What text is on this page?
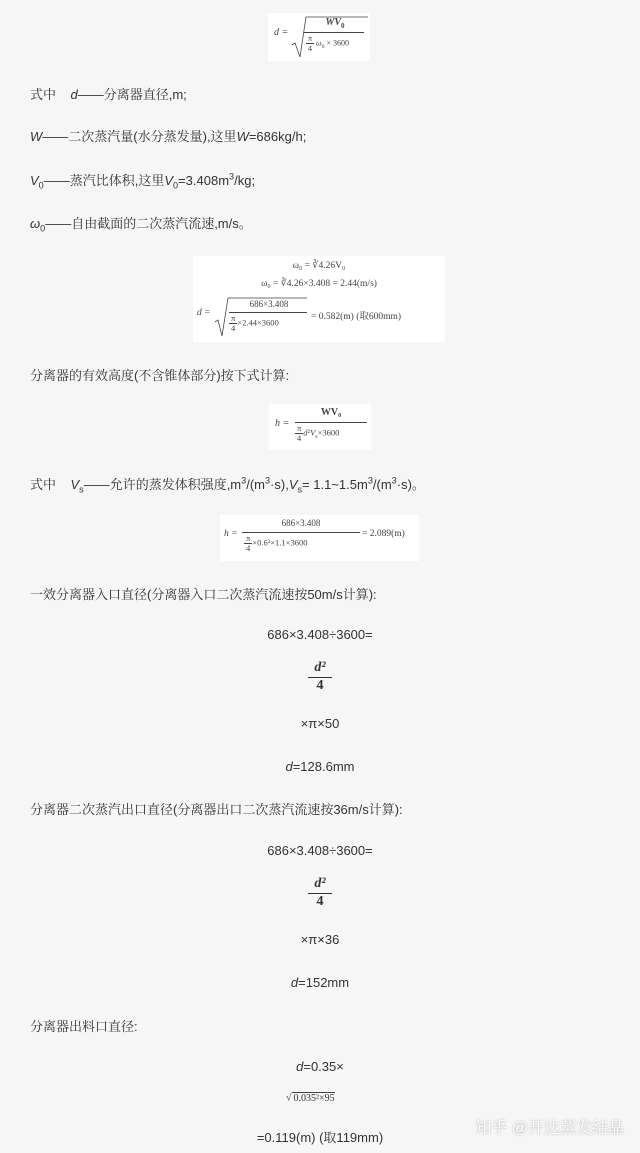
d =
$WV_0$
$\frac{\pi}{4} \omega_0 \times 3600$
式中 d——分离器直径,m;
W——二次蒸汽量(水分蒸发量),这里W=686kg/h;
$V_0——$蒸汽比体积,这里$V_0=3.408m^3/kg$;
$\omega_0——$自由截面的二次蒸汽流速,m/s。
ω₀ = ∛4.26V₀
ω₀ = ∛4.26×3.408 = 2.44(m/s)
d =
686×3.408
$\frac{\pi}{4} \times 2.44\times 3600$
= 0.582(m) (取600mm)
分离器的有效高度(不含锥体部分)按下式计算:
h =
WV₀
$\frac{\pi}{4} d^2V_s\times 3600$
式中 $V_s——$允许的蒸发体积强度$,m^3/(m^3\cdot s),V_s=$ $1.1\sim 1.5m^3/(m^3\cdot s)$。
h =
686×3.408
$\frac{\pi}{4} \times 0.6^2\times 1.1\times 3600$
= 2.089(m)
一效分离器入口直径(分离器入口二次蒸汽流速按50m/s计算):
686×3.408÷3600=
$\frac{\text{d²}}{4}$
×π×50
d=128.6mm
分离器二次蒸汽出口直径(分离器出口二次蒸汽流速按36m/s计算):
686×3.408÷3600=
$\frac{\text{d²}}{4}$
×π×36
d=152mm
分离器出料口直径:
d=0.35×
√ 0.035²×95
=0.119(m) (取119mm)
知乎 @开达蒸发结晶
